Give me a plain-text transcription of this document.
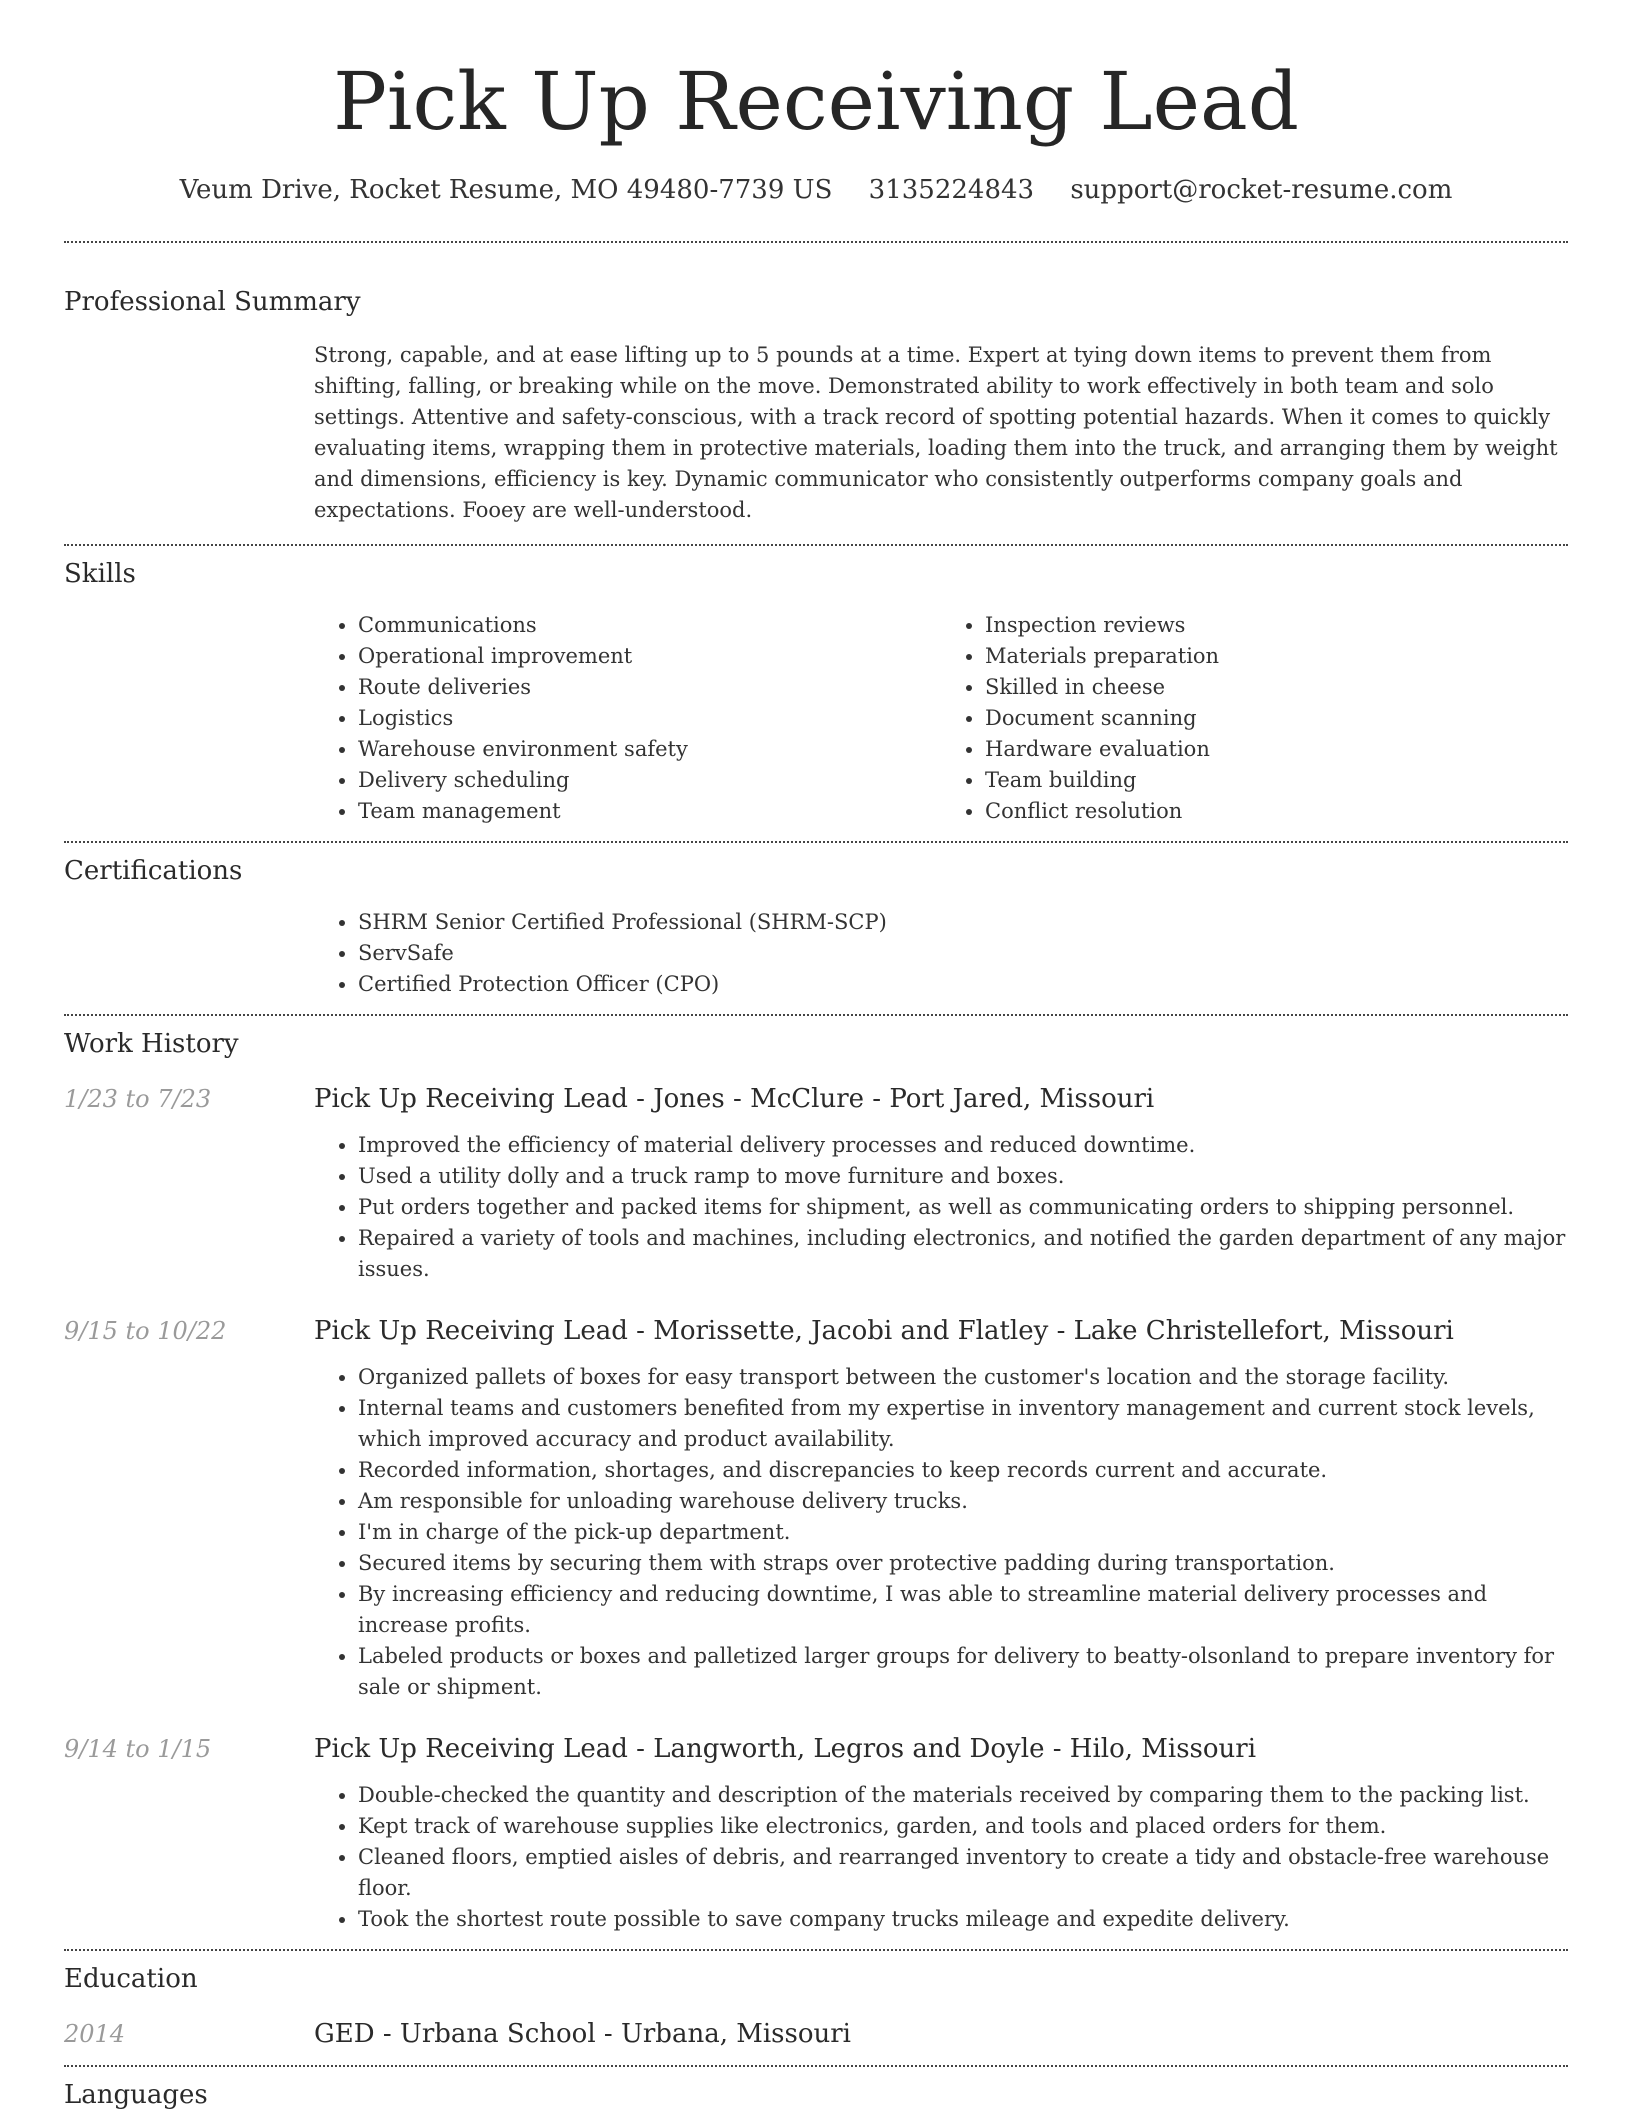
Pick Up Receiving Lead
Veum Drive, Rocket Resume, MO 49480-7739 US 3135224843 support@rocket-resume.com
Professional Summary
Strong, capable, and at ease lifting up to 5 pounds at a time. Expert at tying down items to prevent them from shifting, falling, or breaking while on the move. Demonstrated ability to work effectively in both team and solo settings. Attentive and safety-conscious, with a track record of spotting potential hazards. When it comes to quickly evaluating items, wrapping them in protective materials, loading them into the truck, and arranging them by weight and dimensions, efficiency is key. Dynamic communicator who consistently outperforms company goals and expectations. Fooey are well-understood.
Skills
• Communications
• Operational improvement
• Route deliveries
• Logistics
• Warehouse environment safety
• Delivery scheduling
• Team management
• Inspection reviews
• Materials preparation
• Skilled in cheese
• Document scanning
• Hardware evaluation
• Team building
• Conflict resolution
Certifications
• SHRM Senior Certified Professional (SHRM-SCP)
• ServSafe
• Certified Protection Officer (CPO)
Work History
1/23 to 7/23	Pick Up Receiving Lead - Jones - McClure - Port Jared, Missouri
• Improved the efficiency of material delivery processes and reduced downtime.
• Used a utility dolly and a truck ramp to move furniture and boxes.
• Put orders together and packed items for shipment, as well as communicating orders to shipping personnel.
• Repaired a variety of tools and machines, including electronics, and notified the garden department of any major issues.
9/15 to 10/22	Pick Up Receiving Lead - Morissette, Jacobi and Flatley - Lake Christellefort, Missouri
• Organized pallets of boxes for easy transport between the customer's location and the storage facility.
• Internal teams and customers benefited from my expertise in inventory management and current stock levels, which improved accuracy and product availability.
• Recorded information, shortages, and discrepancies to keep records current and accurate.
• Am responsible for unloading warehouse delivery trucks.
• I'm in charge of the pick-up department.
• Secured items by securing them with straps over protective padding during transportation.
• By increasing efficiency and reducing downtime, I was able to streamline material delivery processes and increase profits.
• Labeled products or boxes and palletized larger groups for delivery to beatty-olsonland to prepare inventory for sale or shipment.
9/14 to 1/15	Pick Up Receiving Lead - Langworth, Legros and Doyle - Hilo, Missouri
• Double-checked the quantity and description of the materials received by comparing them to the packing list.
• Kept track of warehouse supplies like electronics, garden, and tools and placed orders for them.
• Cleaned floors, emptied aisles of debris, and rearranged inventory to create a tidy and obstacle-free warehouse floor.
• Took the shortest route possible to save company trucks mileage and expedite delivery.
Education
2014	GED - Urbana School - Urbana, Missouri
Languages
